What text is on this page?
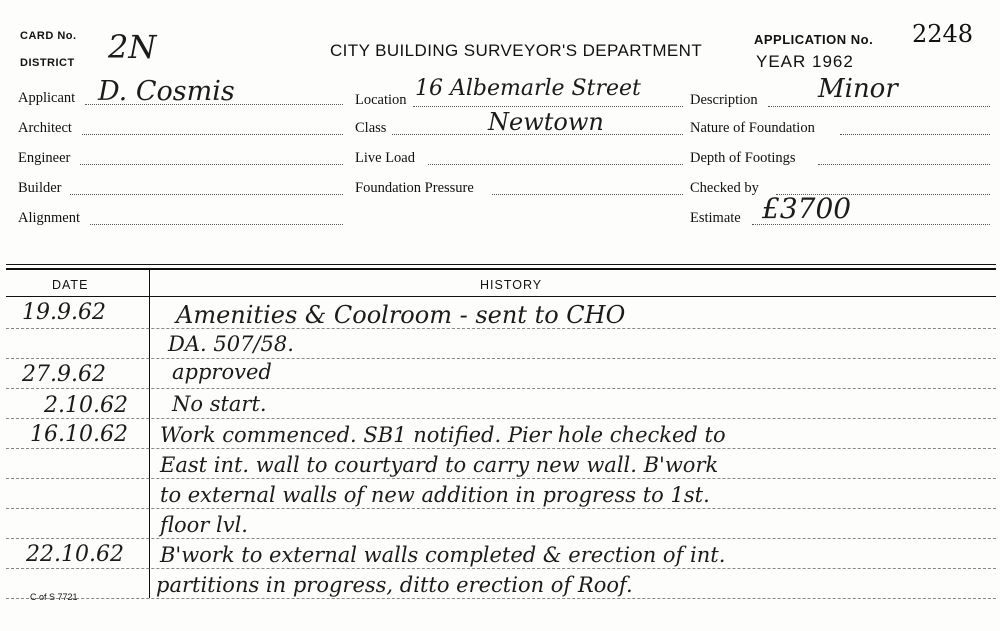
CARD No.
DISTRICT 2N	CITY BUILDING SURVEYOR'S DEPARTMENT
APPLICATION No. 2248
YEAR 1962
Applicant D. Cosmis
Architect
Engineer
Builder
Alignment
Location 16 Albemarle Street
Class	Newtown
Live Load
Foundation Pressure
Description Minor
Nature of Foundation
Depth of Footings
Checked by
Estimate £3700
DATE	HISTORY
19.9.62	Amenities & Coolroom - sent to CHO
DA. 507/58.
27.9.62	approved
2.10.62 No start.
16.10.62 Work commenced. SB1 notified. Pier hole checked to
East int. wall to courtyard to carry new wall. B'work
to external walls of new addition in progress to 1st.
floor lvl.
22.10.62 B'work to external walls completed & erection of int.
partitions in progress, ditto erection of Roof.
C of S 7721
